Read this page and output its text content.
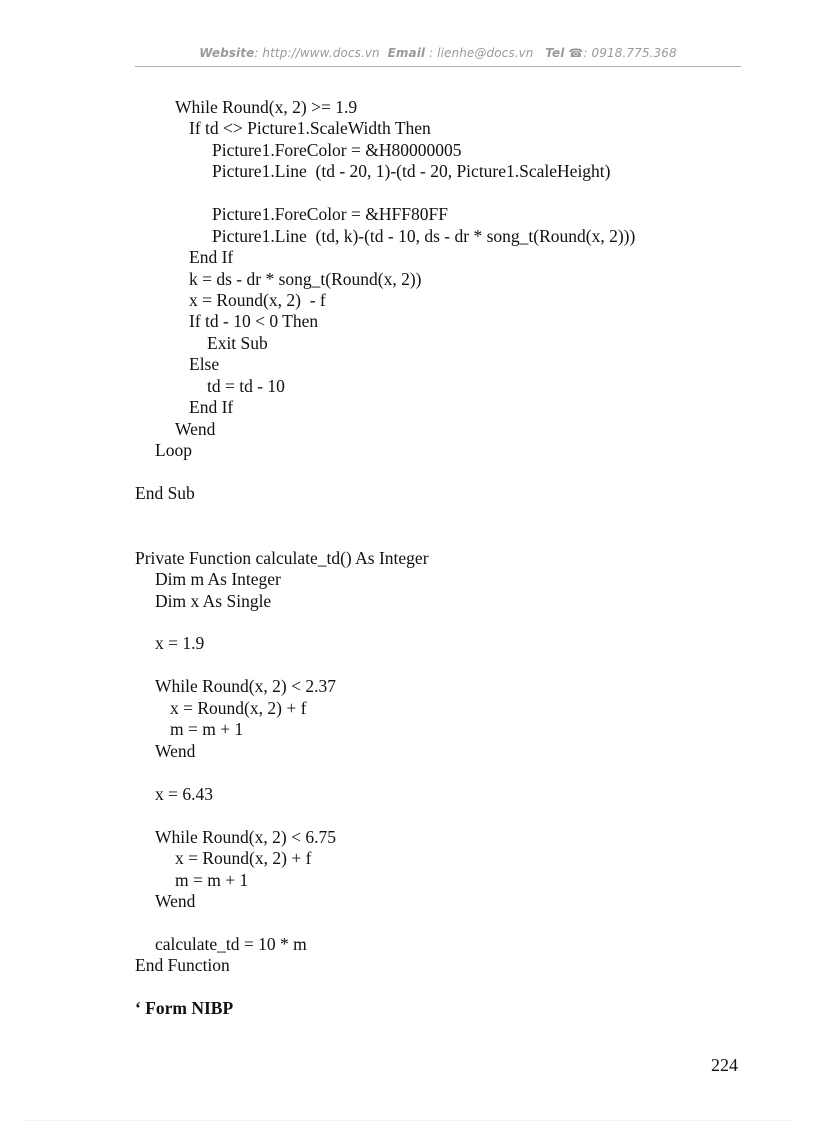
Website: http://www.docs.vn Email : lienhe@docs.vn Tel ☎: 0918.775.368
While Round(x, 2) >= 1.9
If td <> Picture1.ScaleWidth Then
Picture1.ForeColor = &H80000005
Picture1.Line  (td - 20, 1)-(td - 20, Picture1.ScaleHeight)
Picture1.ForeColor = &HFF80FF
Picture1.Line  (td, k)-(td - 10, ds - dr * song_t(Round(x, 2)))
End If
k = ds - dr * song_t(Round(x, 2))
x = Round(x, 2)  - f
If td - 10 < 0 Then
Exit Sub
Else
td = td - 10
End If
Wend
Loop
End Sub
Private Function calculate_td() As Integer
Dim m As Integer
Dim x As Single
x = 1.9
While Round(x, 2) < 2.37
x = Round(x, 2) + f
m = m + 1
Wend
x = 6.43
While Round(x, 2) < 6.75
x = Round(x, 2) + f
m = m + 1
Wend
calculate_td = 10 * m
End Function
‘ Form NIBP
224
